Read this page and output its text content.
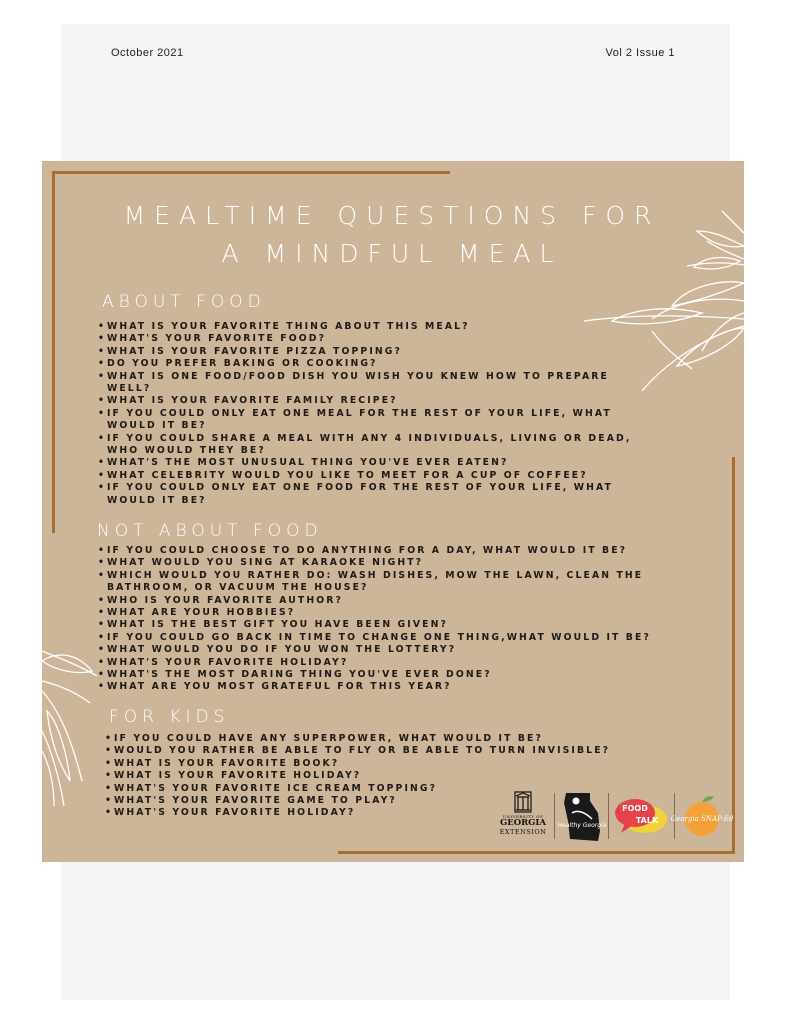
October 2021	Vol 2 Issue 1
MEALTIME QUESTIONS FOR
A MINDFUL MEAL
ABOUT FOOD
• WHAT IS YOUR FAVORITE THING ABOUT THIS MEAL?
• WHAT'S YOUR FAVORITE FOOD?
• WHAT IS YOUR FAVORITE PIZZA TOPPING?
• DO YOU PREFER BAKING OR COOKING?
• WHAT IS ONE FOOD/FOOD DISH YOU WISH YOU KNEW HOW TO PREPARE WELL?
• WHAT IS YOUR FAVORITE FAMILY RECIPE?
• IF YOU COULD ONLY EAT ONE MEAL FOR THE REST OF YOUR LIFE, WHAT WOULD IT BE?
• IF YOU COULD SHARE A MEAL WITH ANY 4 INDIVIDUALS, LIVING OR DEAD, WHO WOULD THEY BE?
• WHAT'S THE MOST UNUSUAL THING YOU'VE EVER EATEN?
• WHAT CELEBRITY WOULD YOU LIKE TO MEET FOR A CUP OF COFFEE?
• IF YOU COULD ONLY EAT ONE FOOD FOR THE REST OF YOUR LIFE, WHAT WOULD IT BE?
NOT ABOUT FOOD
• IF YOU COULD CHOOSE TO DO ANYTHING FOR A DAY, WHAT WOULD IT BE?
• WHAT WOULD YOU SING AT KARAOKE NIGHT?
• WHICH WOULD YOU RATHER DO: WASH DISHES, MOW THE LAWN, CLEAN THE BATHROOM, OR VACUUM THE HOUSE?
• WHO IS YOUR FAVORITE AUTHOR?
• WHAT ARE YOUR HOBBIES?
• WHAT IS THE BEST GIFT YOU HAVE BEEN GIVEN?
• IF YOU COULD GO BACK IN TIME TO CHANGE ONE THING,WHAT WOULD IT BE?
• WHAT WOULD YOU DO IF YOU WON THE LOTTERY?
• WHAT'S YOUR FAVORITE HOLIDAY?
• WHAT'S THE MOST DARING THING YOU'VE EVER DONE?
• WHAT ARE YOU MOST GRATEFUL FOR THIS YEAR?
FOR KIDS
• IF YOU COULD HAVE ANY SUPERPOWER, WHAT WOULD IT BE?
• WOULD YOU RATHER BE ABLE TO FLY OR BE ABLE TO TURN INVISIBLE?
• WHAT IS YOUR FAVORITE BOOK?
• WHAT IS YOUR FAVORITE HOLIDAY?
• WHAT'S YOUR FAVORITE ICE CREAM TOPPING?
• WHAT'S YOUR FAVORITE GAME TO PLAY?
• WHAT'S YOUR FAVORITE HOLIDAY?	UNIVERSITY OF
GEORGIA
EXTENSION
Healthy Georgia
FOOD
TALK Georgia SNAP-Ed
